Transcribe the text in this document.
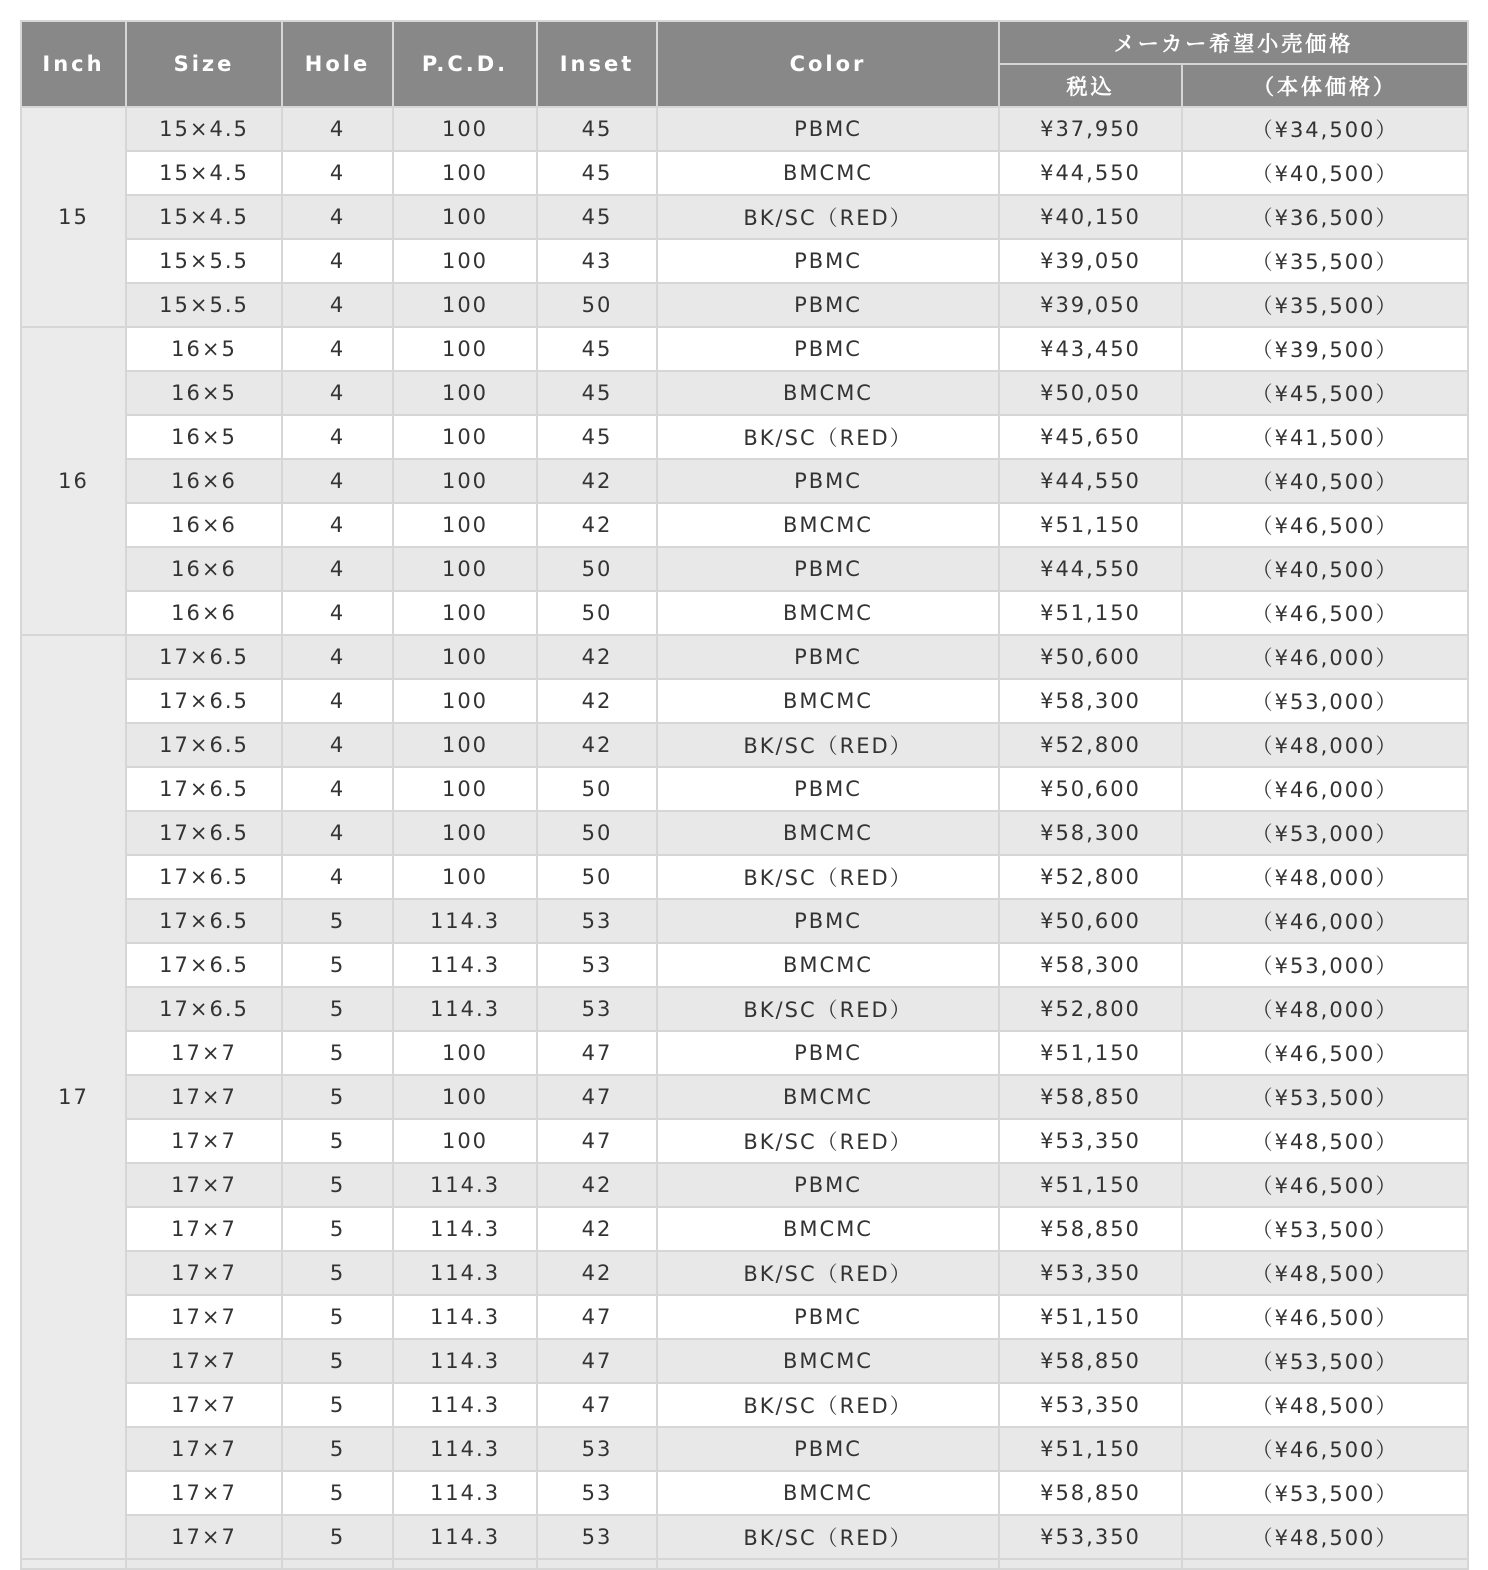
Inch	Size	Hole	P.C.D.	Inset	Color	メーカー希望小売価格	
						税込	（本体価格）
15	15×4.5	4	100	45	PBMC	¥37,950	（¥34,500）
	15×4.5	4	100	45	BMCMC	¥44,550	（¥40,500）
	15×4.5	4	100	45	BK/SC（RED）	¥40,150	（¥36,500）
	15×5.5	4	100	43	PBMC	¥39,050	（¥35,500）
	15×5.5	4	100	50	PBMC	¥39,050	（¥35,500）
16	16×5	4	100	45	PBMC	¥43,450	（¥39,500）
	16×5	4	100	45	BMCMC	¥50,050	（¥45,500）
	16×5	4	100	45	BK/SC（RED）	¥45,650	（¥41,500）
	16×6	4	100	42	PBMC	¥44,550	（¥40,500）
	16×6	4	100	42	BMCMC	¥51,150	（¥46,500）
	16×6	4	100	50	PBMC	¥44,550	（¥40,500）
	16×6	4	100	50	BMCMC	¥51,150	（¥46,500）
17	17×6.5	4	100	42	PBMC	¥50,600	（¥46,000）
	17×6.5	4	100	42	BMCMC	¥58,300	（¥53,000）
	17×6.5	4	100	42	BK/SC（RED）	¥52,800	（¥48,000）
	17×6.5	4	100	50	PBMC	¥50,600	（¥46,000）
	17×6.5	4	100	50	BMCMC	¥58,300	（¥53,000）
	17×6.5	4	100	50	BK/SC（RED）	¥52,800	（¥48,000）
	17×6.5	5	114.3	53	PBMC	¥50,600	（¥46,000）
	17×6.5	5	114.3	53	BMCMC	¥58,300	（¥53,000）
	17×6.5	5	114.3	53	BK/SC（RED）	¥52,800	（¥48,000）
	17×7	5	100	47	PBMC	¥51,150	（¥46,500）
	17×7	5	100	47	BMCMC	¥58,850	（¥53,500）
	17×7	5	100	47	BK/SC（RED）	¥53,350	（¥48,500）
	17×7	5	114.3	42	PBMC	¥51,150	（¥46,500）
	17×7	5	114.3	42	BMCMC	¥58,850	（¥53,500）
	17×7	5	114.3	42	BK/SC（RED）	¥53,350	（¥48,500）
	17×7	5	114.3	47	PBMC	¥51,150	（¥46,500）
	17×7	5	114.3	47	BMCMC	¥58,850	（¥53,500）
	17×7	5	114.3	47	BK/SC（RED）	¥53,350	（¥48,500）
	17×7	5	114.3	53	PBMC	¥51,150	（¥46,500）
	17×7	5	114.3	53	BMCMC	¥58,850	（¥53,500）
	17×7	5	114.3	53	BK/SC（RED）	¥53,350	（¥48,500）
